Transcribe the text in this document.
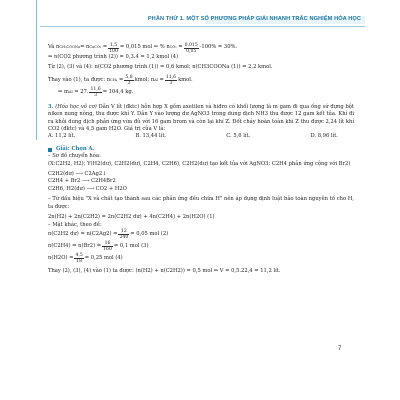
PHẦN THỨ 1. MỘT SỐ PHƯƠNG PHÁP GIẢI NHANH TRẮC NGHIỆM HÓA HỌC
Và n CH₃COONa = n CaCO₃ = $\frac{1,5}{100} = 0,015$ mol ⇒ % n $CO_2 = \frac{0,015}{0,05} \cdot 100\% = 30\%$.
⇒ n(CO2 phương trình (2)) = 0,3.4 = 1,2 kmol (4)
Từ (2), (3) và (4): n(CO2 phương trình (1)) = 0,6 kmol; n(CH3COONa (1)) = 2,2 kmol.
Thay vào (1), ta được: n $CH_4 = \frac{5,8}{3}$ kmol; n $Al = \frac{11,6}{3}$ kmol.
⇒ m Al
= 27. $\frac{11,6}{3} = 104,4$ kg.
3. (Hóa học vô cơ) Dẫn V lít (đktc) hỗn hợp X gồm axetilen và hiđro có khối lượng là m gam đi qua ống sứ đựng bột niken nung nóng, thu được khí Y. Dẫn Y vào lượng dư AgNO3 trong dung dịch NH3 thu được 12 gam kết tủa. Khí đi ra khỏi dung dịch phản ứng vừa đủ với 16 gam brom và còn lại khí Z. Đốt cháy hoàn toàn khí Z thu được 2,24 lít khí CO2 (đktc) và 4,5 gam H2O. Giá trị của V là:
A. 11,2 lít.	B. 13,44 lít.	C. 5,6 lít.	D. 8,96 lít.
Giải: Chọn A.
– Sơ đồ chuyển hóa:
(X:C2H2, H2); Y(H2(dư), C2H2(dư), C2H4, C2H6), C2H2(dư) tạo kết tủa với AgNO3; C2H4 phản ứng cộng với Br2)
C2H2(dư) ⟶ C2Ag2↓
C2H4 + Br2 ⟶ C2H4Br2
C2H6, H2(dư) ⟶ CO2 + H2O
– Từ dấu hiệu "X và chất tạo thành sau các phản ứng đều chứa H" nên áp dụng định luật bảo toàn nguyên tố cho H, ta được:
2n(H2) + 2n(C2H2) = 2n(C2H2 dư) + 4n(C2H4) + 2n(H2O) (1)
– Mặt khác, theo đề:
n(C2H2 dư) = $n(C2Ag2) = \frac{12}{240} = 0,05$ mol (2)
$n(C2H4) = n(Br2) = \frac{16}{160} = 0,1$ mol (3)
$n(H2O) = \frac{4,5}{18} = 0,25$ mol (4)
Thay (2), (3), (4) vào (1) ta được: (n(H2) + n(C2H2)) = 0,5 mol ⇒ V = 0,5.22,4 = 11,2 lít.
7
